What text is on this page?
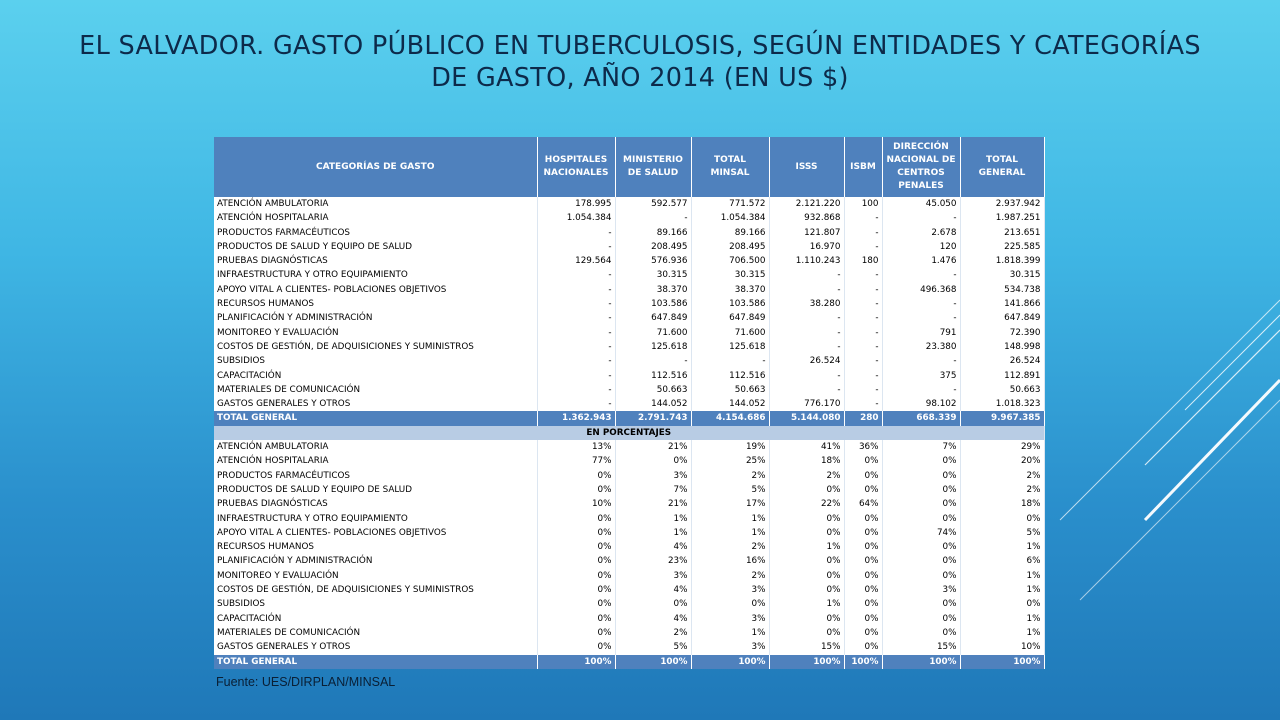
EL SALVADOR. GASTO PÚBLICO EN TUBERCULOSIS, SEGÚN ENTIDADES Y CATEGORÍAS DE GASTO, AÑO 2014 (EN US $)
CATEGORÍAS DE GASTO	HOSPITALES NACIONALES	MINISTERIO DE SALUD	TOTAL MINSAL	ISSS	ISBM	DIRECCIÓN NACIONAL DE CENTROS PENALES	TOTAL GENERAL
ATENCIÓN AMBULATORIA	178.995	592.577	771.572	2.121.220	100	45.050	2.937.942
ATENCIÓN HOSPITALARIA	1.054.384	-	1.054.384	932.868	-	-	1.987.251
PRODUCTOS FARMACÉUTICOS	-	89.166	89.166	121.807	-	2.678	213.651
PRODUCTOS DE SALUD Y EQUIPO DE SALUD	-	208.495	208.495	16.970	-	120	225.585
PRUEBAS DIAGNÓSTICAS	129.564	576.936	706.500	1.110.243	180	1.476	1.818.399
INFRAESTRUCTURA Y OTRO EQUIPAMIENTO	-	30.315	30.315	-	-	-	30.315
APOYO VITAL A CLIENTES- POBLACIONES OBJETIVOS	-	38.370	38.370	-	-	496.368	534.738
RECURSOS HUMANOS	-	103.586	103.586	38.280	-	-	141.866
PLANIFICACIÓN Y ADMINISTRACIÓN	-	647.849	647.849	-	-	-	647.849
MONITOREO Y EVALUACIÓN	-	71.600	71.600	-	-	791	72.390
COSTOS DE GESTIÓN, DE ADQUISICIONES Y SUMINISTROS	-	125.618	125.618	-	-	23.380	148.998
SUBSIDIOS	-	-	-	26.524	-	-	26.524
CAPACITACIÓN	-	112.516	112.516	-	-	375	112.891
MATERIALES DE COMUNICACIÓN	-	50.663	50.663	-	-	-	50.663
GASTOS GENERALES Y OTROS	-	144.052	144.052	776.170	-	98.102	1.018.323
TOTAL GENERAL	1.362.943	2.791.743	4.154.686	5.144.080	280	668.339	9.967.385
EN PORCENTAJES							
ATENCIÓN AMBULATORIA	13%	21%	19%	41%	36%	7%	29%
ATENCIÓN HOSPITALARIA	77%	0%	25%	18%	0%	0%	20%
PRODUCTOS FARMACÉUTICOS	0%	3%	2%	2%	0%	0%	2%
PRODUCTOS DE SALUD Y EQUIPO DE SALUD	0%	7%	5%	0%	0%	0%	2%
PRUEBAS DIAGNÓSTICAS	10%	21%	17%	22%	64%	0%	18%
INFRAESTRUCTURA Y OTRO EQUIPAMIENTO	0%	1%	1%	0%	0%	0%	0%
APOYO VITAL A CLIENTES- POBLACIONES OBJETIVOS	0%	1%	1%	0%	0%	74%	5%
RECURSOS HUMANOS	0%	4%	2%	1%	0%	0%	1%
PLANIFICACIÓN Y ADMINISTRACIÓN	0%	23%	16%	0%	0%	0%	6%
MONITOREO Y EVALUACIÓN	0%	3%	2%	0%	0%	0%	1%
COSTOS DE GESTIÓN, DE ADQUISICIONES Y SUMINISTROS	0%	4%	3%	0%	0%	3%	1%
SUBSIDIOS	0%	0%	0%	1%	0%	0%	0%
CAPACITACIÓN	0%	4%	3%	0%	0%	0%	1%
MATERIALES DE COMUNICACIÓN	0%	2%	1%	0%	0%	0%	1%
GASTOS GENERALES Y OTROS	0%	5%	3%	15%	0%	15%	10%
TOTAL GENERAL	100%	100%	100%	100%	100%	100%	100%
Fuente: UES/DIRPLAN/MINSAL
